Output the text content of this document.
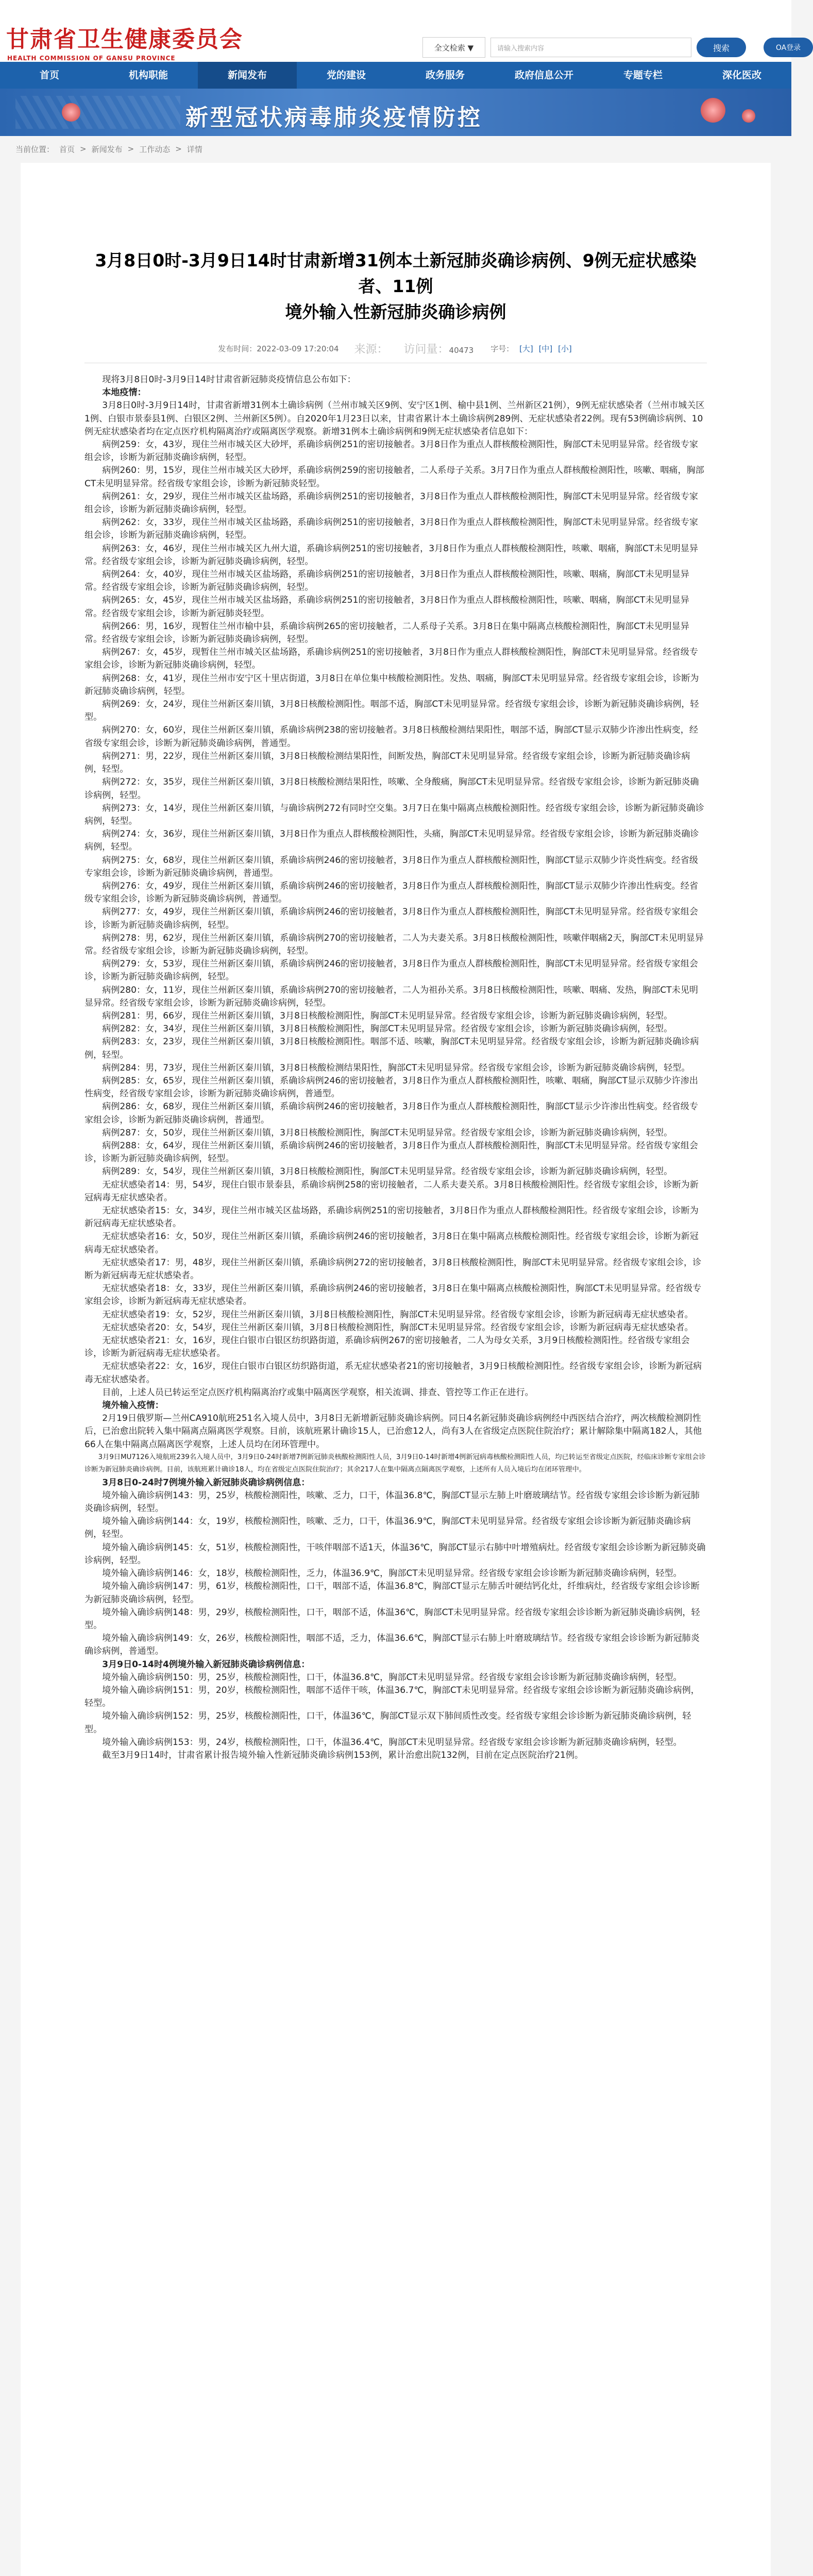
甘肃省卫生健康委员会
HEALTH COMMISSION OF GANSU PROVINCE
全文检索 ▼	请输入搜索内容	搜索	OA登录
首页	机构职能	新闻发布	党的建设	政务服务	政府信息公开	专题专栏	深化医改
新型冠状病毒肺炎疫情防控
当前位置： 首页 > 新闻发布 > 工作动态 > 详情
3月8日0时-3月9日14时甘肃新增31例本土新冠肺炎确诊病例、9例无症状感染者、11例
境外输入性新冠肺炎确诊病例
发布时间：2022-03-09 17:20:04 来源： 访问量：40473 字号： [大] [中] [小]

现将3月8日0时-3月9日14时甘肃省新冠肺炎疫情信息公布如下：

本地疫情：

3月8日0时-3月9日14时，甘肃省新增31例本土确诊病例（兰州市城关区9例、安宁区1例、榆中县1例、兰州新区21例），9例无症状感染者（兰州市城关区1例、白银市景泰县1例、白银区2例、兰州新区5例）。自2020年1月23日以来，甘肃省累计本土确诊病例289例、无症状感染者22例。现有53例确诊病例、10例无症状感染者均在定点医疗机构隔离治疗或隔离医学观察。新增31例本土确诊病例和9例无症状感染者信息如下：

病例259：女，43岁，现住兰州市城关区大砂坪，系确诊病例251的密切接触者。3月8日作为重点人群核酸检测阳性，胸部CT未见明显异常。经省级专家组会诊，诊断为新冠肺炎确诊病例，轻型。

病例260：男，15岁，现住兰州市城关区大砂坪，系确诊病例259的密切接触者，二人系母子关系。3月7日作为重点人群核酸检测阳性，咳嗽、咽痛，胸部CT未见明显异常。经省级专家组会诊，诊断为新冠肺炎轻型。

病例261：女，29岁，现住兰州市城关区盐场路，系确诊病例251的密切接触者，3月8日作为重点人群核酸检测阳性，胸部CT未见明显异常。经省级专家组会诊，诊断为新冠肺炎确诊病例，轻型。

病例262：女，33岁，现住兰州市城关区盐场路，系确诊病例251的密切接触者，3月8日作为重点人群核酸检测阳性，胸部CT未见明显异常。经省级专家组会诊，诊断为新冠肺炎确诊病例，轻型。

病例263：女，46岁，现住兰州市城关区九州大道，系确诊病例251的密切接触者，3月8日作为重点人群核酸检测阳性，咳嗽、咽痛，胸部CT未见明显异常。经省级专家组会诊，诊断为新冠肺炎确诊病例，轻型。

病例264：女，40岁，现住兰州市城关区盐场路，系确诊病例251的密切接触者，3月8日作为重点人群核酸检测阳性，咳嗽、咽痛，胸部CT未见明显异常。经省级专家组会诊，诊断为新冠肺炎确诊病例，轻型。

病例265：女，45岁，现住兰州市城关区盐场路，系确诊病例251的密切接触者，3月8日作为重点人群核酸检测阳性，咳嗽、咽痛，胸部CT未见明显异常。经省级专家组会诊，诊断为新冠肺炎轻型。

病例266：男，16岁，现暂住兰州市榆中县，系确诊病例265的密切接触者，二人系母子关系。3月8日在集中隔离点核酸检测阳性，胸部CT未见明显异常。经省级专家组会诊，诊断为新冠肺炎确诊病例，轻型。

病例267：女，45岁，现暂住兰州市城关区盐场路，系确诊病例251的密切接触者，3月8日作为重点人群核酸检测阳性，胸部CT未见明显异常。经省级专家组会诊，诊断为新冠肺炎确诊病例，轻型。

病例268：女，41岁，现住兰州市安宁区十里店街道，3月8日在单位集中核酸检测阳性。发热、咽痛，胸部CT未见明显异常。经省级专家组会诊，诊断为新冠肺炎确诊病例，轻型。

病例269：女，24岁，现住兰州新区秦川镇，3月8日核酸检测阳性。咽部不适，胸部CT未见明显异常。经省级专家组会诊，诊断为新冠肺炎确诊病例，轻型。

病例270：女，60岁，现住兰州新区秦川镇，系确诊病例238的密切接触者。3月8日核酸检测结果阳性，咽部不适，胸部CT显示双肺少许渗出性病变，经省级专家组会诊，诊断为新冠肺炎确诊病例，普通型。

病例271：男，22岁，现住兰州新区秦川镇，3月8日核酸检测结果阳性，间断发热，胸部CT未见明显异常。经省级专家组会诊，诊断为新冠肺炎确诊病例，轻型。

病例272：女，35岁，现住兰州新区秦川镇，3月8日核酸检测结果阳性，咳嗽、全身酸痛，胸部CT未见明显异常。经省级专家组会诊，诊断为新冠肺炎确诊病例，轻型。

病例273：女，14岁，现住兰州新区秦川镇，与确诊病例272有同时空交集。3月7日在集中隔离点核酸检测阳性。经省级专家组会诊，诊断为新冠肺炎确诊病例，轻型。

病例274：女，36岁，现住兰州新区秦川镇，3月8日作为重点人群核酸检测阳性，头痛，胸部CT未见明显异常。经省级专家组会诊，诊断为新冠肺炎确诊病例，轻型。

病例275：女，68岁，现住兰州新区秦川镇，系确诊病例246的密切接触者，3月8日作为重点人群核酸检测阳性，胸部CT显示双肺少许炎性病变。经省级专家组会诊，诊断为新冠肺炎确诊病例，普通型。

病例276：女，49岁，现住兰州新区秦川镇，系确诊病例246的密切接触者，3月8日作为重点人群核酸检测阳性，胸部CT显示双肺少许渗出性病变。经省级专家组会诊，诊断为新冠肺炎确诊病例，普通型。

病例277：女，49岁，现住兰州新区秦川镇，系确诊病例246的密切接触者，3月8日作为重点人群核酸检测阳性，胸部CT未见明显异常。经省级专家组会诊，诊断为新冠肺炎确诊病例，轻型。

病例278：男，62岁，现住兰州新区秦川镇，系确诊病例270的密切接触者，二人为夫妻关系。3月8日核酸检测阳性，咳嗽伴咽痛2天，胸部CT未见明显异常。经省级专家组会诊，诊断为新冠肺炎确诊病例，轻型。

病例279：女，53岁，现住兰州新区秦川镇，系确诊病例246的密切接触者，3月8日作为重点人群核酸检测阳性，胸部CT未见明显异常。经省级专家组会诊，诊断为新冠肺炎确诊病例，轻型。

病例280：女，11岁，现住兰州新区秦川镇，系确诊病例270的密切接触者，二人为祖孙关系。3月8日核酸检测阳性，咳嗽、咽痛、发热，胸部CT未见明显异常。经省级专家组会诊，诊断为新冠肺炎确诊病例，轻型。

病例281：男，66岁，现住兰州新区秦川镇，3月8日核酸检测阳性，胸部CT未见明显异常。经省级专家组会诊，诊断为新冠肺炎确诊病例，轻型。

病例282：女，34岁，现住兰州新区秦川镇，3月8日核酸检测阳性，胸部CT未见明显异常。经省级专家组会诊，诊断为新冠肺炎确诊病例，轻型。

病例283：女，23岁，现住兰州新区秦川镇，3月8日核酸检测阳性。咽部不适、咳嗽，胸部CT未见明显异常。经省级专家组会诊，诊断为新冠肺炎确诊病例，轻型。

病例284：男，73岁，现住兰州新区秦川镇，3月8日核酸检测结果阳性，胸部CT未见明显异常。经省级专家组会诊，诊断为新冠肺炎确诊病例，轻型。

病例285：女，65岁，现住兰州新区秦川镇，系确诊病例246的密切接触者，3月8日作为重点人群核酸检测阳性，咳嗽、咽痛，胸部CT显示双肺少许渗出性病变，经省级专家组会诊，诊断为新冠肺炎确诊病例，普通型。

病例286：女，68岁，现住兰州新区秦川镇，系确诊病例246的密切接触者，3月8日作为重点人群核酸检测阳性，胸部CT显示少许渗出性病变。经省级专家组会诊，诊断为新冠肺炎确诊病例，普通型。

病例287：女，50岁，现住兰州新区秦川镇，3月8日核酸检测阳性，胸部CT未见明显异常。经省级专家组会诊，诊断为新冠肺炎确诊病例，轻型。

病例288：女，64岁，现住兰州新区秦川镇，系确诊病例246的密切接触者，3月8日作为重点人群核酸检测阳性，胸部CT未见明显异常。经省级专家组会诊，诊断为新冠肺炎确诊病例，轻型。

病例289：女，54岁，现住兰州新区秦川镇，3月8日核酸检测阳性，胸部CT未见明显异常。经省级专家组会诊，诊断为新冠肺炎确诊病例，轻型。

无症状感染者14：男，54岁，现住白银市景泰县，系确诊病例258的密切接触者，二人系夫妻关系。3月8日核酸检测阳性。经省级专家组会诊，诊断为新冠病毒无症状感染者。

无症状感染者15：女，34岁，现住兰州市城关区盐场路，系确诊病例251的密切接触者，3月8日作为重点人群核酸检测阳性。经省级专家组会诊，诊断为新冠病毒无症状感染者。

无症状感染者16：女，50岁，现住兰州新区秦川镇，系确诊病例246的密切接触者，3月8日在集中隔离点核酸检测阳性。经省级专家组会诊，诊断为新冠病毒无症状感染者。

无症状感染者17：男，48岁，现住兰州新区秦川镇，系确诊病例272的密切接触者，3月8日核酸检测阳性，胸部CT未见明显异常。经省级专家组会诊，诊断为新冠病毒无症状感染者。

无症状感染者18：女，33岁，现住兰州新区秦川镇，系确诊病例246的密切接触者，3月8日在集中隔离点核酸检测阳性，胸部CT未见明显异常。经省级专家组会诊，诊断为新冠病毒无症状感染者。

无症状感染者19：女，52岁，现住兰州新区秦川镇，3月8日核酸检测阳性，胸部CT未见明显异常。经省级专家组会诊，诊断为新冠病毒无症状感染者。

无症状感染者20：女，54岁，现住兰州新区秦川镇，3月8日核酸检测阳性，胸部CT未见明显异常。经省级专家组会诊，诊断为新冠病毒无症状感染者。

无症状感染者21：女，16岁，现住白银市白银区纺织路街道，系确诊病例267的密切接触者，二人为母女关系，3月9日核酸检测阳性。经省级专家组会诊，诊断为新冠病毒无症状感染者。

无症状感染者22：女，16岁，现住白银市白银区纺织路街道，系无症状感染者21的密切接触者，3月9日核酸检测阳性。经省级专家组会诊，诊断为新冠病毒无症状感染者。

目前，上述人员已转运至定点医疗机构隔离治疗或集中隔离医学观察，相关流调、排查、管控等工作正在进行。

境外输入疫情：

2月19日俄罗斯—兰州CA910航班251名入境人员中，3月8日无新增新冠肺炎确诊病例。同日4名新冠肺炎确诊病例经中西医结合治疗，两次核酸检测阴性后，已治愈出院转入集中隔离点隔离医学观察。目前，该航班累计确诊15人，已治愈12人，尚有3人在省级定点医院住院治疗；累计解除集中隔离182人，其他66人在集中隔离点隔离医学观察，上述人员均在闭环管理中。

3月9日MU7126入境航班239名入境人员中，3月9日0-24时新增7例新冠肺炎核酸检测阳性人员，3月9日0-14时新增4例新冠病毒核酸检测阳性人员，均已转运至省级定点医院，经临床诊断专家组会诊诊断为新冠肺炎确诊病例。目前，该航班累计确诊18人，均在省级定点医院住院治疗；其余217人在集中隔离点隔离医学观察，上述所有人员入境后均在闭环管理中。

3月8日0-24时7例境外输入新冠肺炎确诊病例信息：

境外输入确诊病例143：男，25岁，核酸检测阳性，咳嗽、乏力，口干，体温36.8℃，胸部CT显示左肺上叶磨玻璃结节。经省级专家组会诊诊断为新冠肺炎确诊病例，轻型。

境外输入确诊病例144：女，19岁，核酸检测阳性，咳嗽、乏力，口干，体温36.9℃，胸部CT未见明显异常。经省级专家组会诊诊断为新冠肺炎确诊病例，轻型。

境外输入确诊病例145：女，51岁，核酸检测阳性，干咳伴咽部不适1天，体温36℃，胸部CT显示右肺中叶增殖病灶。经省级专家组会诊诊断为新冠肺炎确诊病例，轻型。

境外输入确诊病例146：女，18岁，核酸检测阳性，乏力，体温36.9℃，胸部CT未见明显异常。经省级专家组会诊诊断为新冠肺炎确诊病例，轻型。

境外输入确诊病例147：男，61岁，核酸检测阳性，口干，咽部不适，体温36.8℃，胸部CT显示左肺舌叶硬结钙化灶，纤维病灶，经省级专家组会诊诊断为新冠肺炎确诊病例，轻型。

境外输入确诊病例148：男，29岁，核酸检测阳性，口干，咽部不适，体温36℃，胸部CT未见明显异常。经省级专家组会诊诊断为新冠肺炎确诊病例，轻型。

境外输入确诊病例149：女，26岁，核酸检测阳性，咽部不适，乏力，体温36.6℃，胸部CT显示右肺上叶磨玻璃结节。经省级专家组会诊诊断为新冠肺炎确诊病例，普通型。

3月9日0-14时4例境外输入新冠肺炎确诊病例信息：

境外输入确诊病例150：男，25岁，核酸检测阳性，口干，体温36.8℃，胸部CT未见明显异常。经省级专家组会诊诊断为新冠肺炎确诊病例，轻型。

境外输入确诊病例151：男，20岁，核酸检测阳性，咽部不适伴干咳，体温36.7℃，胸部CT未见明显异常。经省级专家组会诊诊断为新冠肺炎确诊病例，轻型。

境外输入确诊病例152：男，25岁，核酸检测阳性，口干，体温36℃，胸部CT显示双下肺间质性改变。经省级专家组会诊诊断为新冠肺炎确诊病例，轻型。

境外输入确诊病例153：男，24岁，核酸检测阳性，口干，体温36.4℃，胸部CT未见明显异常。经省级专家组会诊诊断为新冠肺炎确诊病例，轻型。

截至3月9日14时，甘肃省累计报告境外输入性新冠肺炎确诊病例153例，累计治愈出院132例，目前在定点医院治疗21例。
